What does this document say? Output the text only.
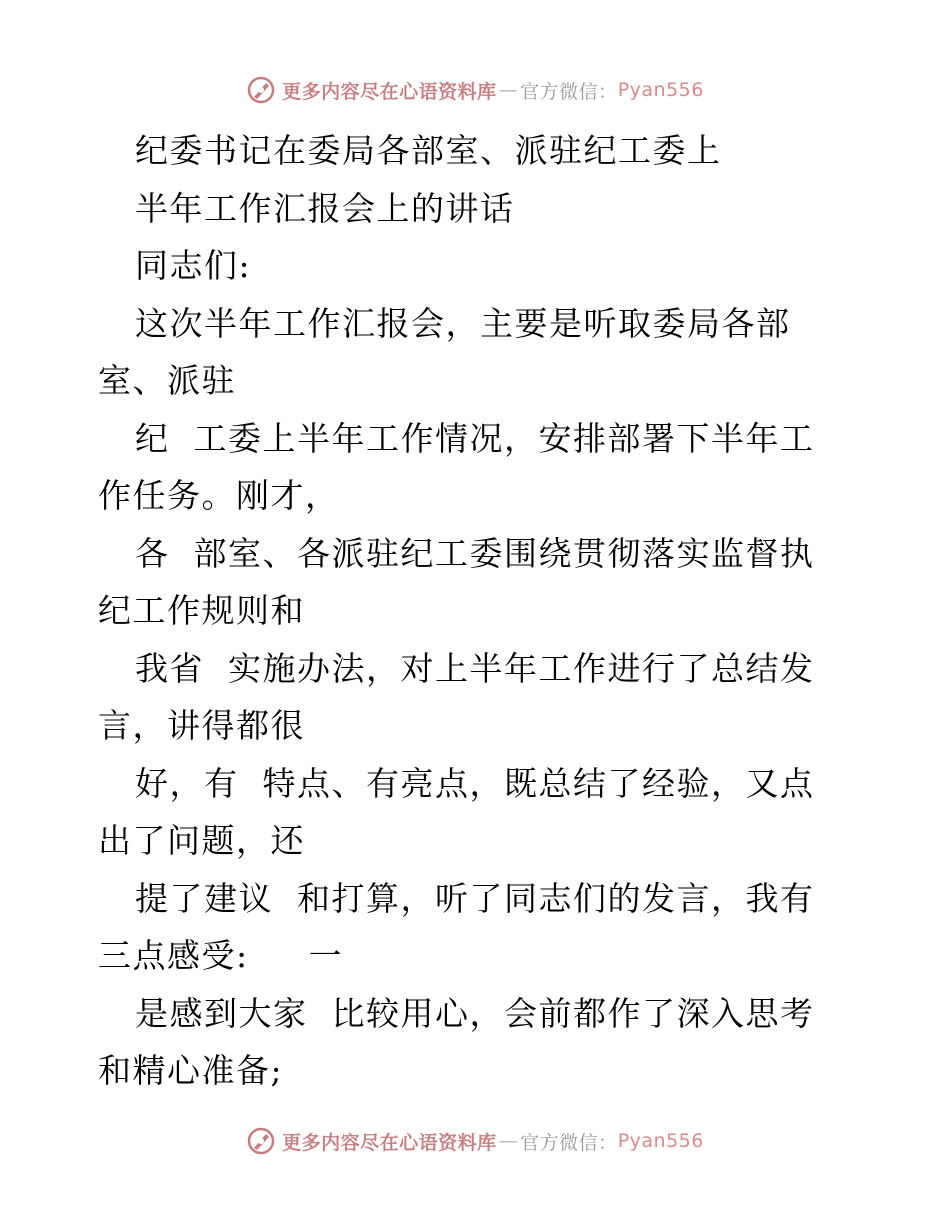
更多内容尽在心语资料库 — 官方微信： Pyan556

纪委书记在委局各部室、派驻纪工委上

半年工作汇报会上的讲话

同志们:

这次半年工作汇报会，主要是听取委局各部室、派驻

纪  工委上半年工作情况，安排部署下半年工作任务。刚才，

各  部室、各派驻纪工委围绕贯彻落实监督执纪工作规则和

我省  实施办法，对上半年工作进行了总结发  言，讲得都很

好，有  特点、有亮点，既总结了经验，又点出了问题，还

提了建议  和打算，听了同志们的发言，我有三点感受:     一

是感到大家  比较用心，会前都作了深入思考和精心准备;

更多内容尽在心语资料库 — 官方微信： Pyan556
